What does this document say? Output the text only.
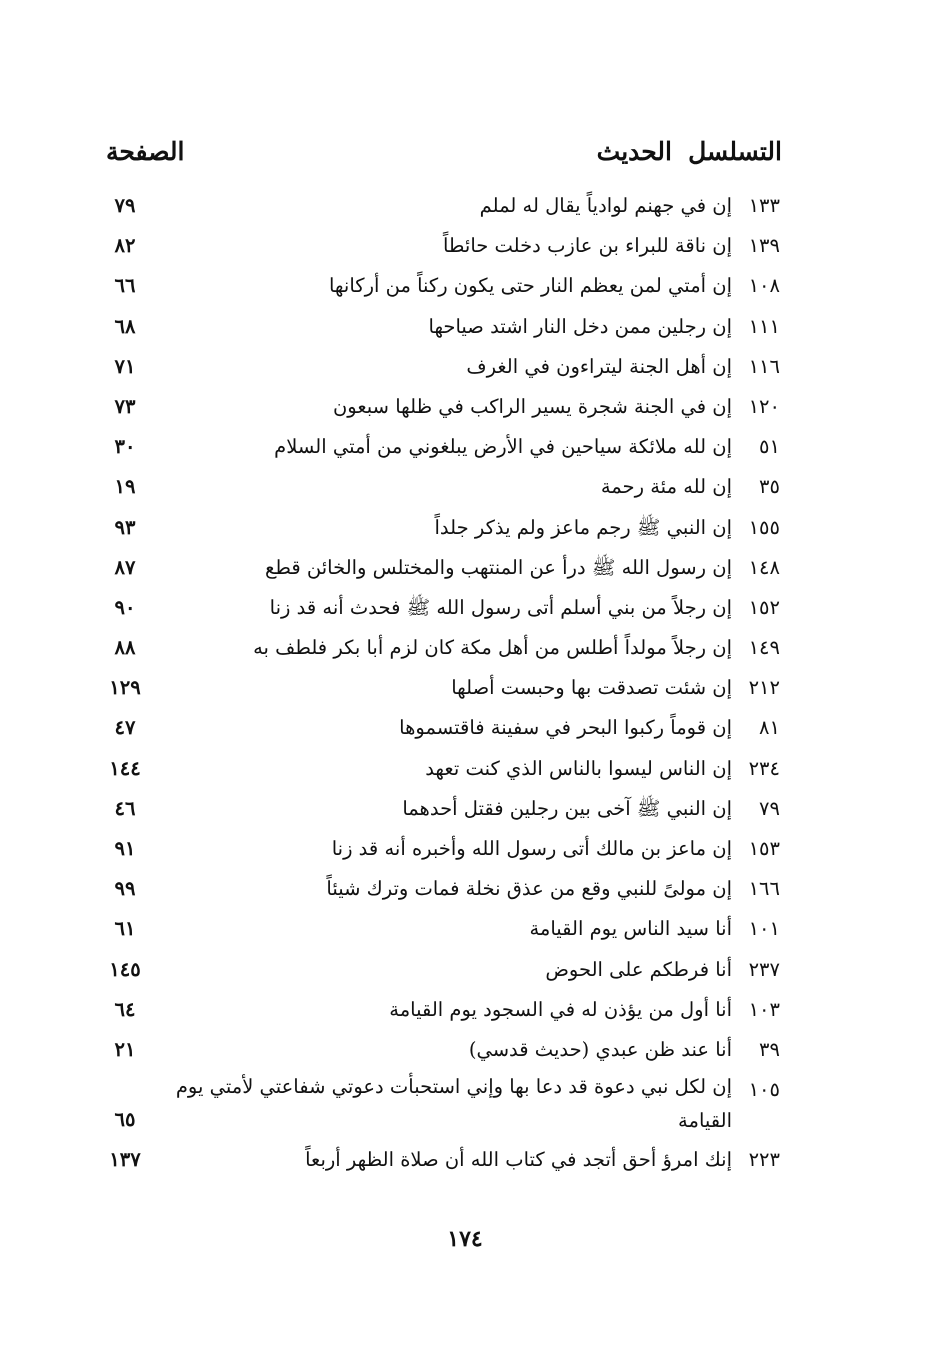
التسلسل
الحديث
الصفحة
١٣٣
إن في جهنم لوادياً يقال له لملم
٧٩
١٣٩
إن ناقة للبراء بن عازب دخلت حائطاً
٨٢
١٠٨
إن أمتي لمن يعظم النار حتى يكون ركناً من أركانها
٦٦
١١١
إن رجلين ممن دخل النار اشتد صياحها
٦٨
١١٦
إن أهل الجنة ليتراءون في الغرف
٧١
١٢٠
إن في الجنة شجرة يسير الراكب في ظلها سبعون
٧٣
٥١
إن لله ملائكة سياحين في الأرض يبلغوني من أمتي السلام
٣٠
٣٥
إن لله مئة رحمة
١٩
١٥٥
إن النبي ﷺ رجم ماعز ولم يذكر جلداً
٩٣
١٤٨
إن رسول الله ﷺ درأ عن المنتهب والمختلس والخائن قطع
٨٧
١٥٢
إن رجلاً من بني أسلم أتى رسول الله ﷺ فحدث أنه قد زنا
٩٠
١٤٩
إن رجلاً مولداً أطلس من أهل مكة كان لزم أبا بكر فلطف به
٨٨
٢١٢
إن شئت تصدقت بها وحبست أصلها
١٢٩
٨١
إن قوماً ركبوا البحر في سفينة فاقتسموها
٤٧
٢٣٤
إن الناس ليسوا بالناس الذي كنت تعهد
١٤٤
٧٩
إن النبي ﷺ آخى بين رجلين فقتل أحدهما
٤٦
١٥٣
إن ماعز بن مالك أتى رسول الله وأخبره أنه قد زنا
٩١
١٦٦
إن مولىً للنبي وقع من عذق نخلة فمات وترك شيئاً
٩٩
١٠١
أنا سيد الناس يوم القيامة
٦١
٢٣٧
أنا فرطكم على الحوض
١٤٥
١٠٣
أنا أول من يؤذن له في السجود يوم القيامة
٦٤
٣٩
أنا عند ظن عبدي (حديث قدسي)
٢١
١٠٥
إن لكل نبي دعوة قد دعا بها وإني استحبأت دعوتي شفاعتي لأمتي يوم القيامة
٦٥
٢٢٣
إنك امرؤ أحق أتجد في كتاب الله أن صلاة الظهر أربعاً
١٣٧
١٧٤
